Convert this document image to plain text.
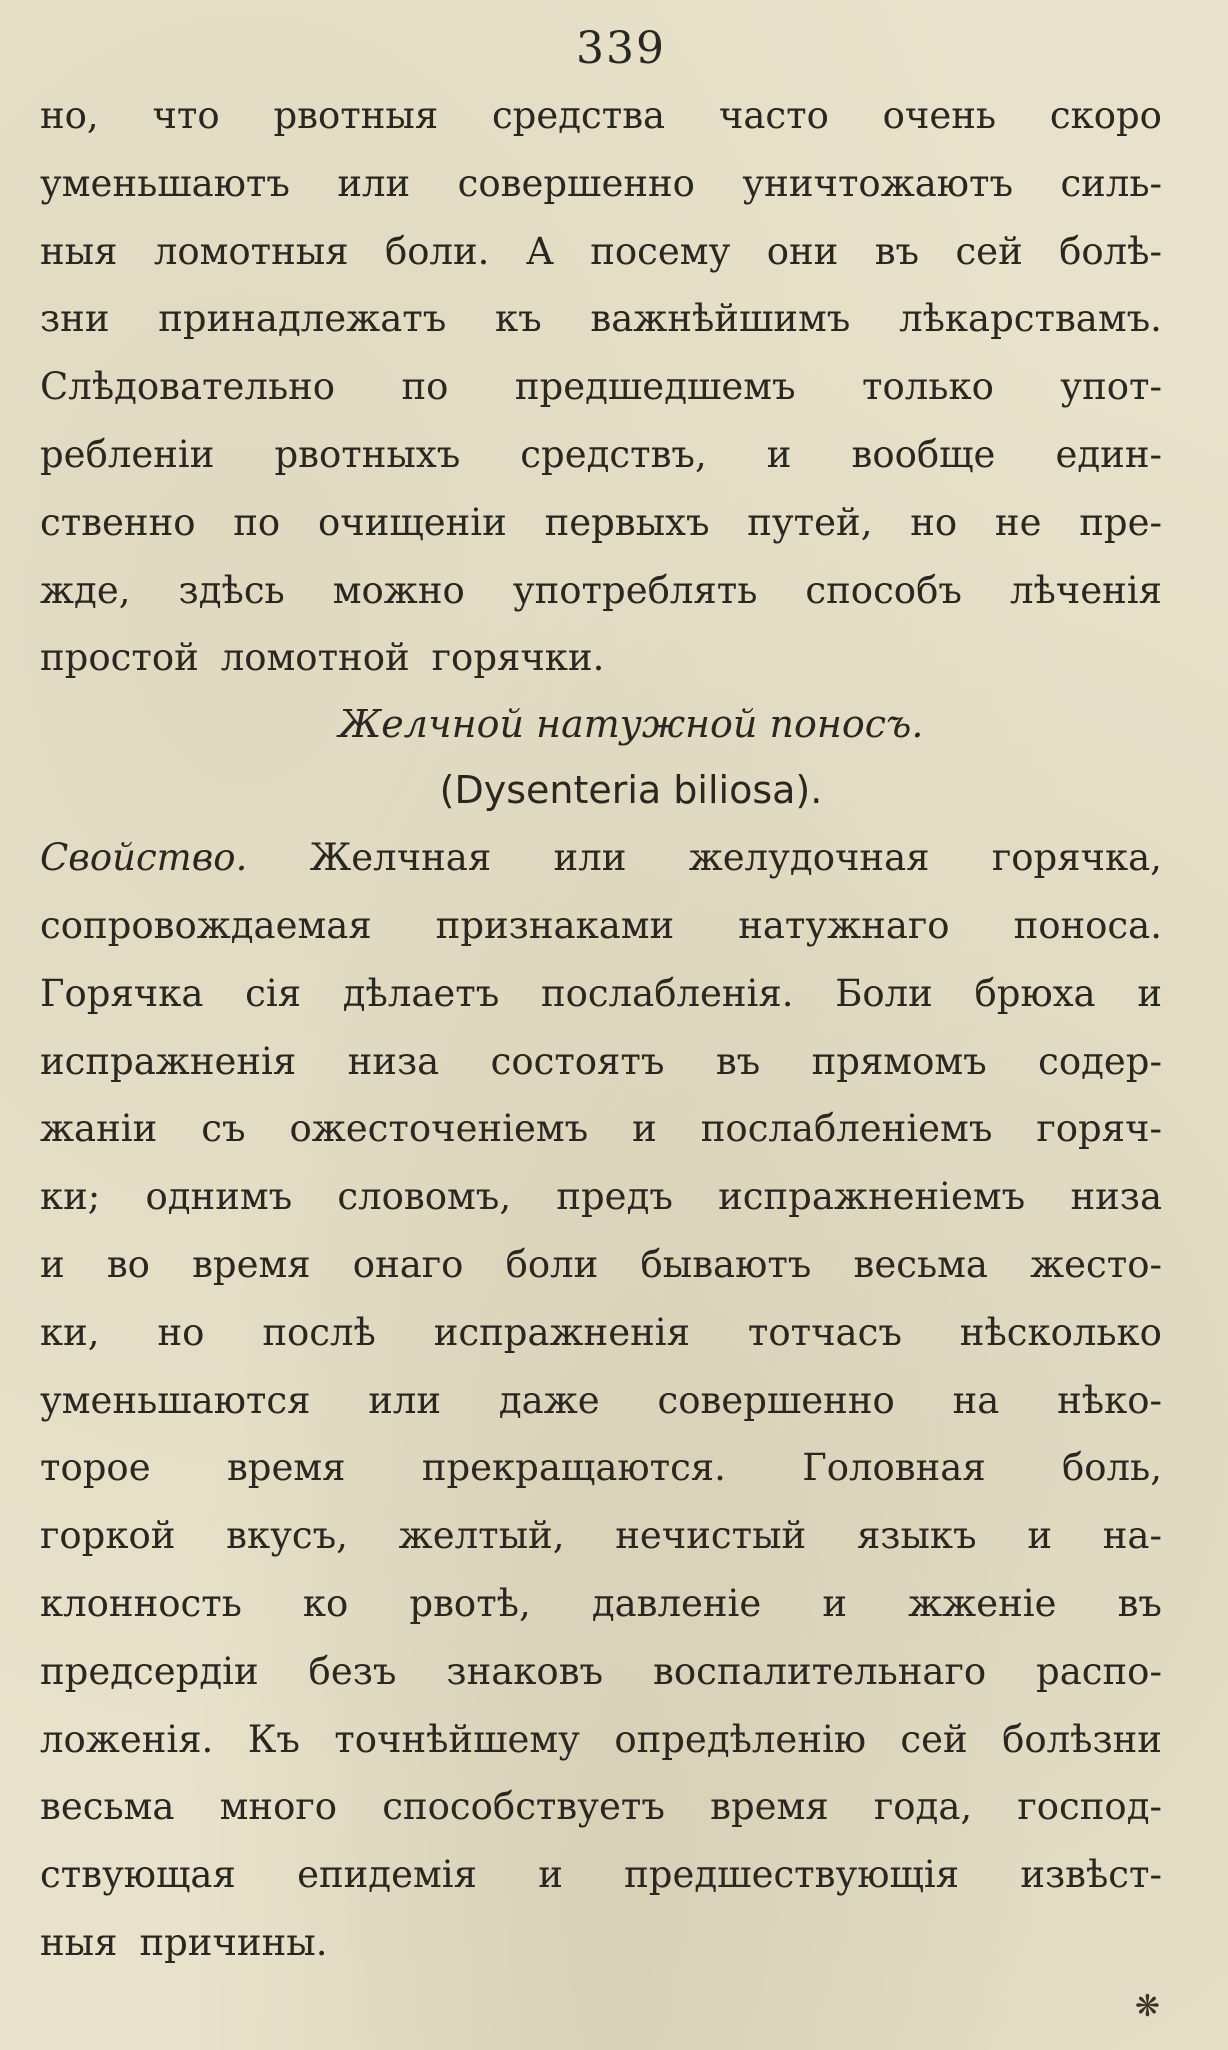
339
но, что рвотныя средства часто очень скоро
уменьшаютъ или совершенно уничтожаютъ силь-
ныя ломотныя боли. А посему они въ сей болѣ-
зни принадлежатъ къ важнѣйшимъ лѣкарствамъ.
Слѣдовательно по предшедшемъ только упот-
ребленіи рвотныхъ средствъ, и вообще един-
ственно по очищеніи первыхъ путей, но не пре-
жде, здѣсь можно употреблять способъ лѣченія
простой ломотной горячки.
Желчной натужной поносъ.
(Dysenteria biliosa).
Свойство. Желчная или желудочная горячка,
сопровождаемая признаками натужнаго поноса.
Горячка сія дѣлаетъ послабленія. Боли брюха и
испражненія низа состоятъ въ прямомъ содер-
жаніи съ ожесточеніемъ и послабленіемъ горяч-
ки; однимъ словомъ, предъ испражненіемъ низа
и во время онаго боли бываютъ весьма жесто-
ки, но послѣ испражненія тотчасъ нѣсколько
уменьшаются или даже совершенно на нѣко-
торое время прекращаются. Головная боль,
горкой вкусъ, желтый, нечистый языкъ и на-
клонность ко рвотѣ, давленіе и жженіе въ
предсердіи безъ знаковъ воспалительнаго распо-
ложенія. Къ точнѣйшему опредѣленію сей болѣзни
весьма много способствуетъ время года, господ-
ствующая епидемія и предшествующія извѣст-
ныя причины.
❋
